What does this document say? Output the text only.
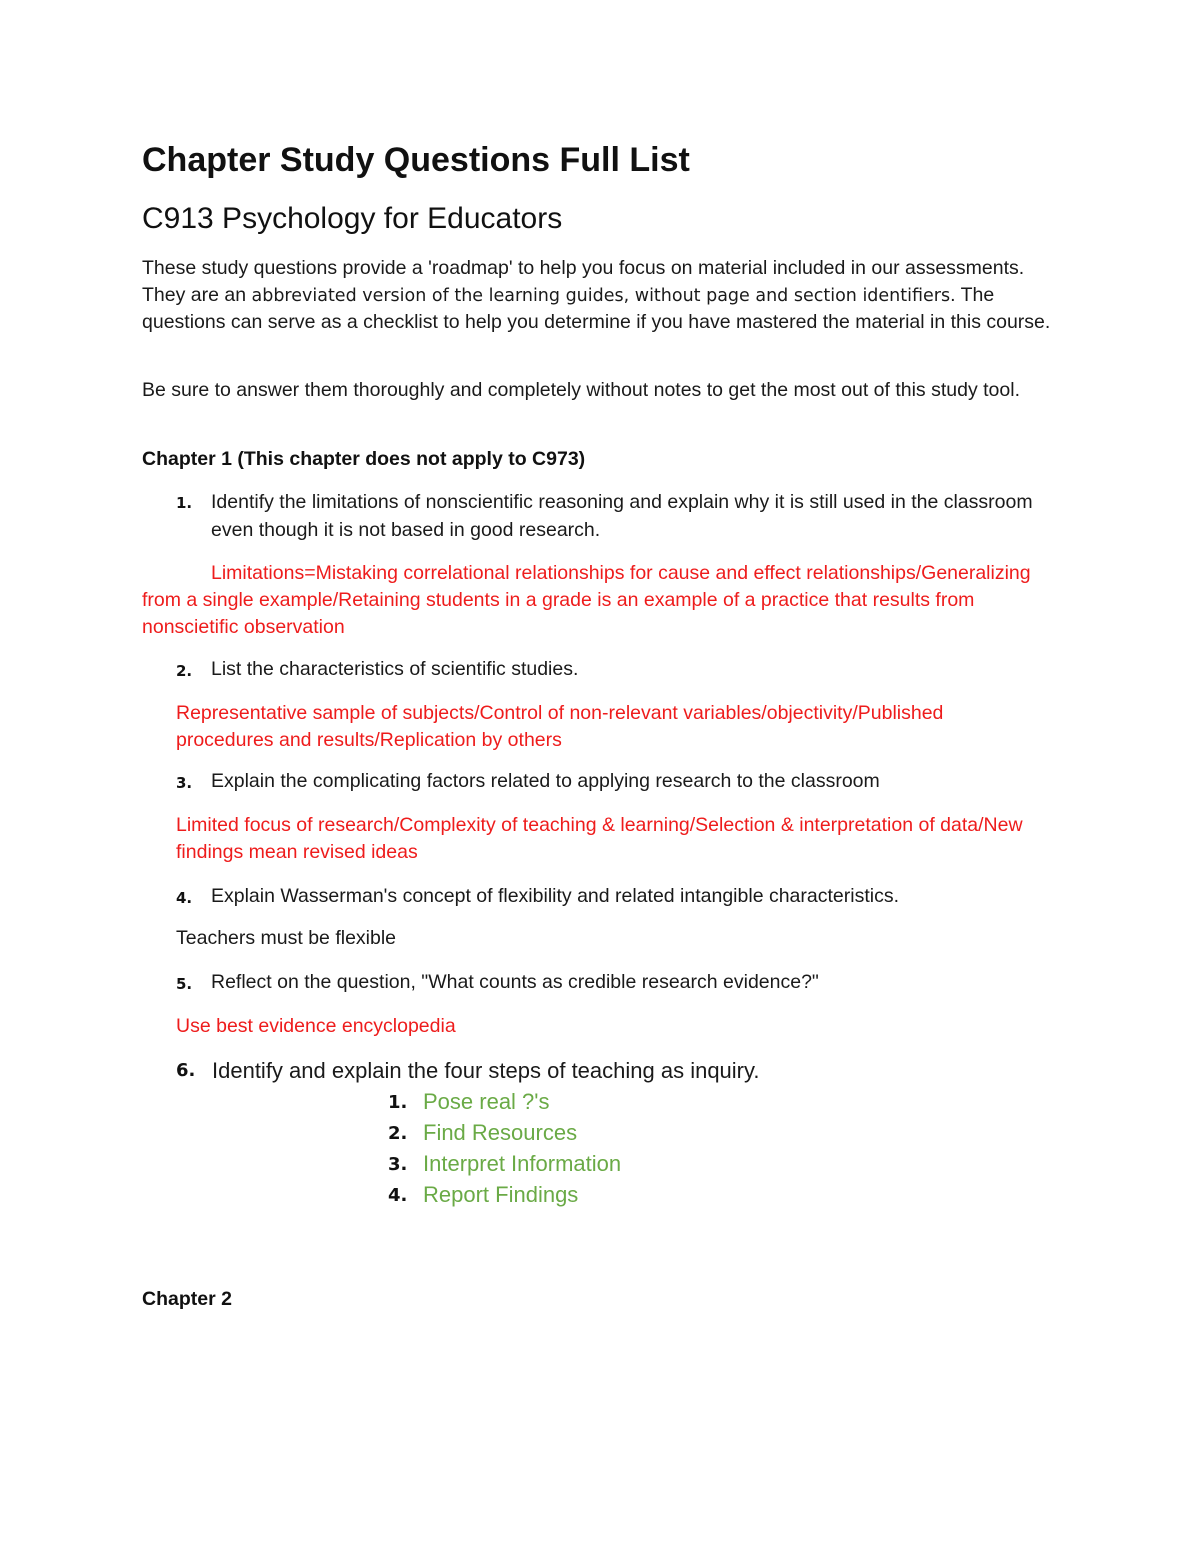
Chapter Study Questions Full List
C913 Psychology for Educators

These study questions provide a 'roadmap' to help you focus on material included in our assessments. They are an abbreviated version of the learning guides, without page and section identifiers. The questions can serve as a checklist to help you determine if you have mastered the material in this course.

Be sure to answer them thoroughly and completely without notes to get the most out of this study tool.

Chapter 1 (This chapter does not apply to C973)
1. Identify the limitations of nonscientific reasoning and explain why it is still used in the classroom even though it is not based in good research.

Limitations=Mistaking correlational relationships for cause and effect relationships/Generalizing from a single example/Retaining students in a grade is an example of a practice that results from nonscietific observation

2. List the characteristics of scientific studies.

Representative sample of subjects/Control of non-relevant variables/objectivity/Published procedures and results/Replication by others

3. Explain the complicating factors related to applying research to the classroom

Limited focus of research/Complexity of teaching & learning/Selection & interpretation of data/New findings mean revised ideas

4. Explain Wasserman's concept of flexibility and related intangible characteristics.

Teachers must be flexible

5. Reflect on the question, "What counts as credible research evidence?"

Use best evidence encyclopedia

6. Identify and explain the four steps of teaching as inquiry.
1. Pose real ?'s
2. Find Resources
3. Interpret Information
4. Report Findings
Chapter 2
